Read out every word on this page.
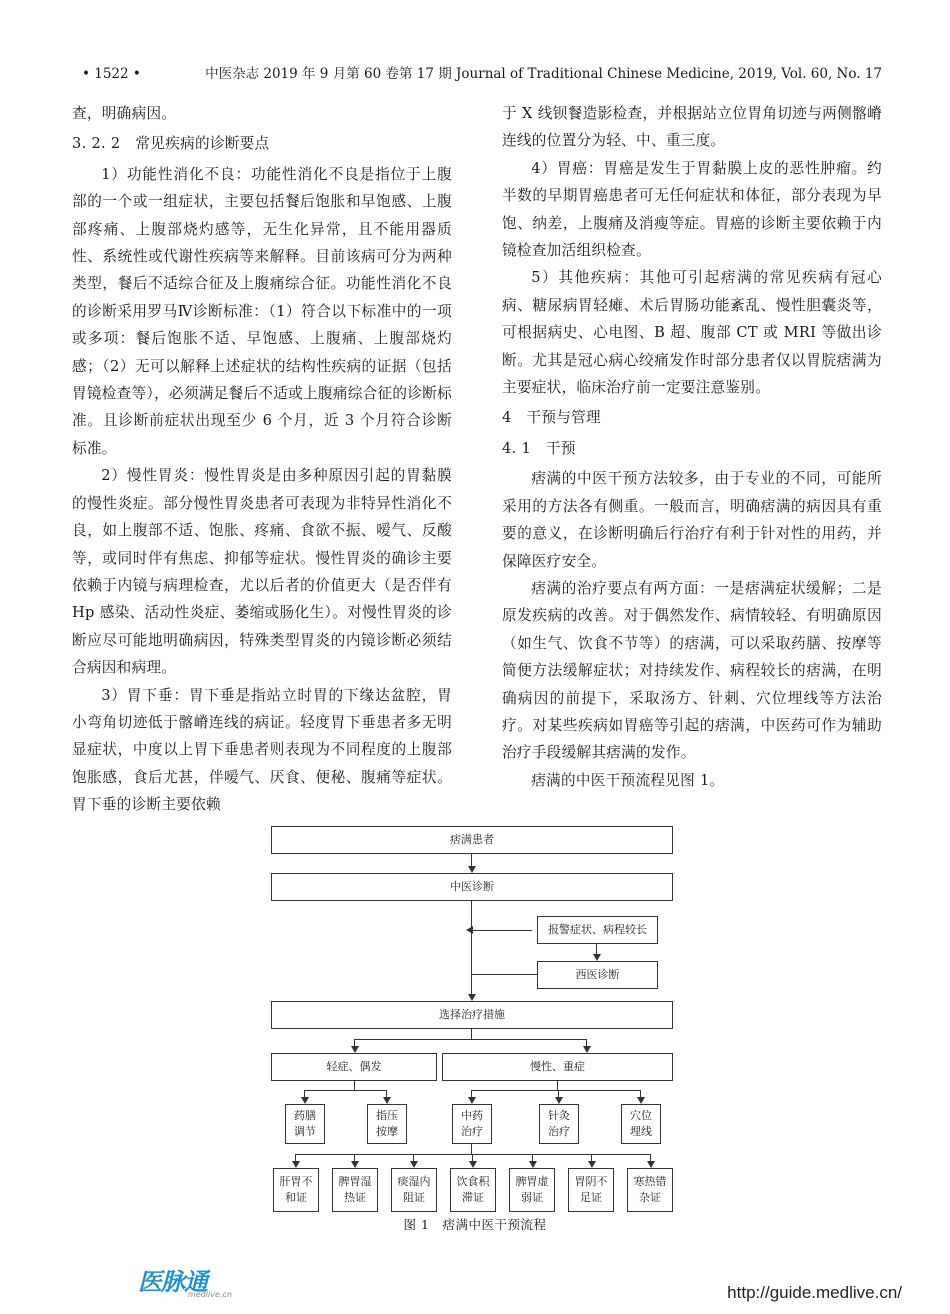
• 1522 •	中医杂志 2019 年 9 月第 60 卷第 17 期 Journal of Traditional Chinese Medicine, 2019, Vol. 60, No. 17

查，明确病因。

3. 2. 2　常见疾病的诊断要点

1）功能性消化不良：功能性消化不良是指位于上腹部的一个或一组症状，主要包括餐后饱胀和早饱感、上腹部疼痛、上腹部烧灼感等，无生化异常，且不能用器质性、系统性或代谢性疾病等来解释。目前该病可分为两种类型，餐后不适综合征及上腹痛综合征。功能性消化不良的诊断采用罗马Ⅳ诊断标准：（1）符合以下标准中的一项或多项：餐后饱胀不适、早饱感、上腹痛、上腹部烧灼感；（2）无可以解释上述症状的结构性疾病的证据（包括胃镜检查等），必须满足餐后不适或上腹痛综合征的诊断标准。且诊断前症状出现至少 6 个月，近 3 个月符合诊断标准。

2）慢性胃炎：慢性胃炎是由多种原因引起的胃黏膜的慢性炎症。部分慢性胃炎患者可表现为非特异性消化不良，如上腹部不适、饱胀、疼痛、食欲不振、嗳气、反酸等，或同时伴有焦虑、抑郁等症状。慢性胃炎的确诊主要依赖于内镜与病理检查，尤以后者的价值更大（是否伴有 Hp 感染、活动性炎症、萎缩或肠化生）。对慢性胃炎的诊断应尽可能地明确病因，特殊类型胃炎的内镜诊断必须结合病因和病理。

3）胃下垂：胃下垂是指站立时胃的下缘达盆腔，胃小弯角切迹低于髂嵴连线的病证。轻度胃下垂患者多无明显症状，中度以上胃下垂患者则表现为不同程度的上腹部饱胀感，食后尤甚，伴嗳气、厌食、便秘、腹痛等症状。胃下垂的诊断主要依赖

于 X 线钡餐造影检查，并根据站立位胃角切迹与两侧髂嵴连线的位置分为轻、中、重三度。

4）胃癌：胃癌是发生于胃黏膜上皮的恶性肿瘤。约半数的早期胃癌患者可无任何症状和体征，部分表现为早饱、纳差，上腹痛及消瘦等症。胃癌的诊断主要依赖于内镜检查加活组织检查。

5）其他疾病：其他可引起痞满的常见疾病有冠心病、糖尿病胃轻瘫、术后胃肠功能紊乱、慢性胆囊炎等，可根据病史、心电图、B 超、腹部 CT 或 MRI 等做出诊断。尤其是冠心病心绞痛发作时部分患者仅以胃脘痞满为主要症状，临床治疗前一定要注意鉴别。

4　干预与管理

4. 1　干预

痞满的中医干预方法较多，由于专业的不同，可能所采用的方法各有侧重。一般而言，明确痞满的病因具有重要的意义，在诊断明确后行治疗有利于针对性的用药，并保障医疗安全。

痞满的治疗要点有两方面：一是痞满症状缓解；二是原发疾病的改善。对于偶然发作、病情较轻、有明确原因（如生气、饮食不节等）的痞满，可以采取药膳、按摩等简便方法缓解症状；对持续发作、病程较长的痞满，在明确病因的前提下，采取汤方、针刺、穴位埋线等方法治疗。对某些疾病如胃癌等引起的痞满，中医药可作为辅助治疗手段缓解其痞满的发作。

痞满的中医干预流程见图 1。

痞满患者
中医诊断
报警症状、病程较长
西医诊断
选择治疗措施
轻症、偶发	慢性、重症
药膳调节
指压按摩
中药治疗
针灸治疗
穴位埋线
肝胃不和证
脾胃湿热证
痰湿内阻证
饮食积滞证
脾胃虚弱证
胃阴不足证
寒热错杂证
图 1　痞满中医干预流程
医脉通
medlive.cn	http://guide.medlive.cn/
